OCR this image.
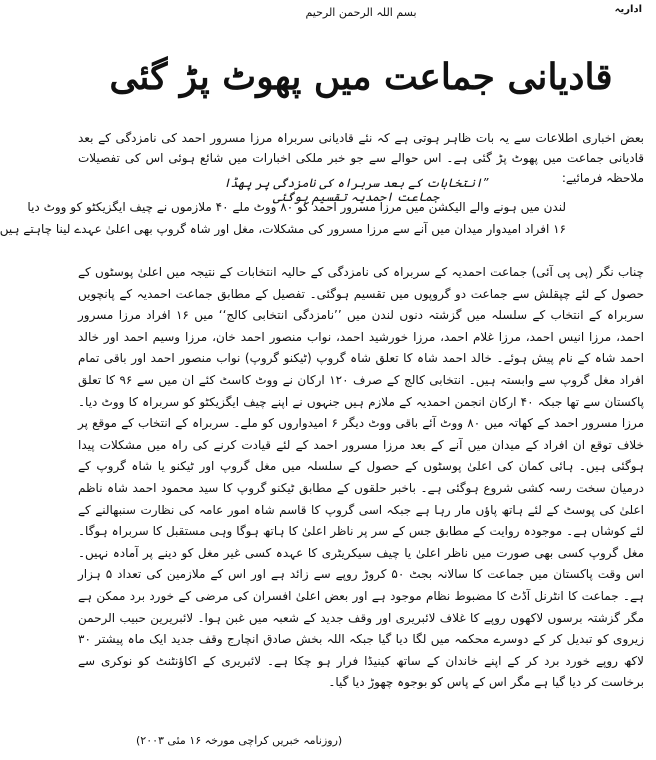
اداریہ
بسم اللہ الرحمن الرحیم
قادیانی جماعت میں پھوٹ پڑ گئی
بعض اخباری اطلاعات سے یہ بات ظاہر ہوتی ہے کہ نئے قادیانی سربراہ مرزا مسرور احمد کی نامزدگی کے بعد قادیانی جماعت میں پھوٹ پڑ گئی ہے۔ اس حوالے سے جو خبر ملکی اخبارات میں شائع ہوئی اس کی تفصیلات ملاحظہ فرمائیے:
”انتخابات کے بعد سربراہ کی نامزدگی پر پھڈا جماعت احمدیہ تقسیم ہوگئی
لندن میں ہونے والے الیکشن میں مرزا مسرور احمد کو ۸۰ ووٹ ملے ۴۰ ملازموں نے چیف ایگزیکٹو کو ووٹ دیا
۱۶ افراد امیدوار میدان میں آنے سے مرزا مسرور کی مشکلات، مغل اور شاہ گروپ بھی اعلیٰ عہدے لینا چاہتے ہیں
چناب نگر (پی پی آئی) جماعت احمدیہ کے سربراہ کی نامزدگی کے حالیہ انتخابات کے نتیجہ میں اعلیٰ پوسٹوں کے حصول کے لئے چپقلش سے جماعت دو گروپوں میں تقسیم ہوگئی۔ تفصیل کے مطابق جماعت احمدیہ کے پانچویں سربراہ کے انتخاب کے سلسلہ میں گزشتہ دنوں لندن میں ’’نامزدگی انتخابی کالج‘‘ میں ۱۶ افراد مرزا مسرور احمد، مرزا انیس احمد، مرزا غلام احمد، مرزا خورشید احمد، نواب منصور احمد خان، مرزا وسیم احمد اور خالد احمد شاہ کے نام پیش ہوئے۔ خالد احمد شاہ کا تعلق شاہ گروپ (ٹیکنو گروپ) نواب منصور احمد اور باقی تمام افراد مغل گروپ سے وابستہ ہیں۔ انتخابی کالج کے صرف ۱۲۰ ارکان نے ووٹ کاسٹ کئے ان میں سے ۹۶ کا تعلق پاکستان سے تھا جبکہ ۴۰ ارکان انجمن احمدیہ کے ملازم ہیں جنہوں نے اپنے چیف ایگزیکٹو کو سربراہ کا ووٹ دیا۔ مرزا مسرور احمد کے کھاتہ میں ۸۰ ووٹ آئے باقی ووٹ دیگر ۶ امیدواروں کو ملے۔ سربراہ کے انتخاب کے موقع پر خلاف توقع ان افراد کے میدان میں آنے کے بعد مرزا مسرور احمد کے لئے قیادت کرنے کی راہ میں مشکلات پیدا ہوگئی ہیں۔ ہائی کمان کی اعلیٰ پوسٹوں کے حصول کے سلسلہ میں مغل گروپ اور ٹیکنو یا شاہ گروپ کے درمیان سخت رسہ کشی شروع ہوگئی ہے۔ باخبر حلقوں کے مطابق ٹیکنو گروپ کا سید محمود احمد شاہ ناظم اعلیٰ کی پوسٹ کے لئے ہاتھ پاؤں مار رہا ہے جبکہ اسی گروپ کا قاسم شاہ امور عامہ کی نظارت سنبھالنے کے لئے کوشاں ہے۔ موجودہ روایت کے مطابق جس کے سر پر ناظر اعلیٰ کا ہاتھ ہوگا وہی مستقبل کا سربراہ ہوگا۔ مغل گروپ کسی بھی صورت میں ناظر اعلیٰ یا چیف سیکریٹری کا عہدہ کسی غیر مغل کو دینے پر آمادہ نہیں۔ اس وقت پاکستان میں جماعت کا سالانہ بجٹ ۵۰ کروڑ روپے سے زائد ہے اور اس کے ملازمین کی تعداد ۵ ہزار ہے۔ جماعت کا انٹرنل آڈٹ کا مضبوط نظام موجود ہے اور بعض اعلیٰ افسران کی مرضی کے خورد برد ممکن ہے مگر گزشتہ برسوں لاکھوں روپے کا غلاف لائبریری اور وقف جدید کے شعبہ میں غبن ہوا۔ لائبریرین حبیب الرحمن زیروی کو تبدیل کر کے دوسرے محکمہ میں لگا دیا گیا جبکہ اللہ بخش صادق انچارج وقف جدید ایک ماہ پیشتر ۳۰ لاکھ روپے خورد برد کر کے اپنے خاندان کے ساتھ کینیڈا فرار ہو چکا ہے۔ لائبریری کے اکاؤنٹنٹ کو نوکری سے برخاست کر دیا گیا ہے مگر اس کے پاس کو بوجوہ چھوڑ دیا گیا۔
(روزنامہ خبریں کراچی مورخہ ۱۶ مئی ۲۰۰۳)
